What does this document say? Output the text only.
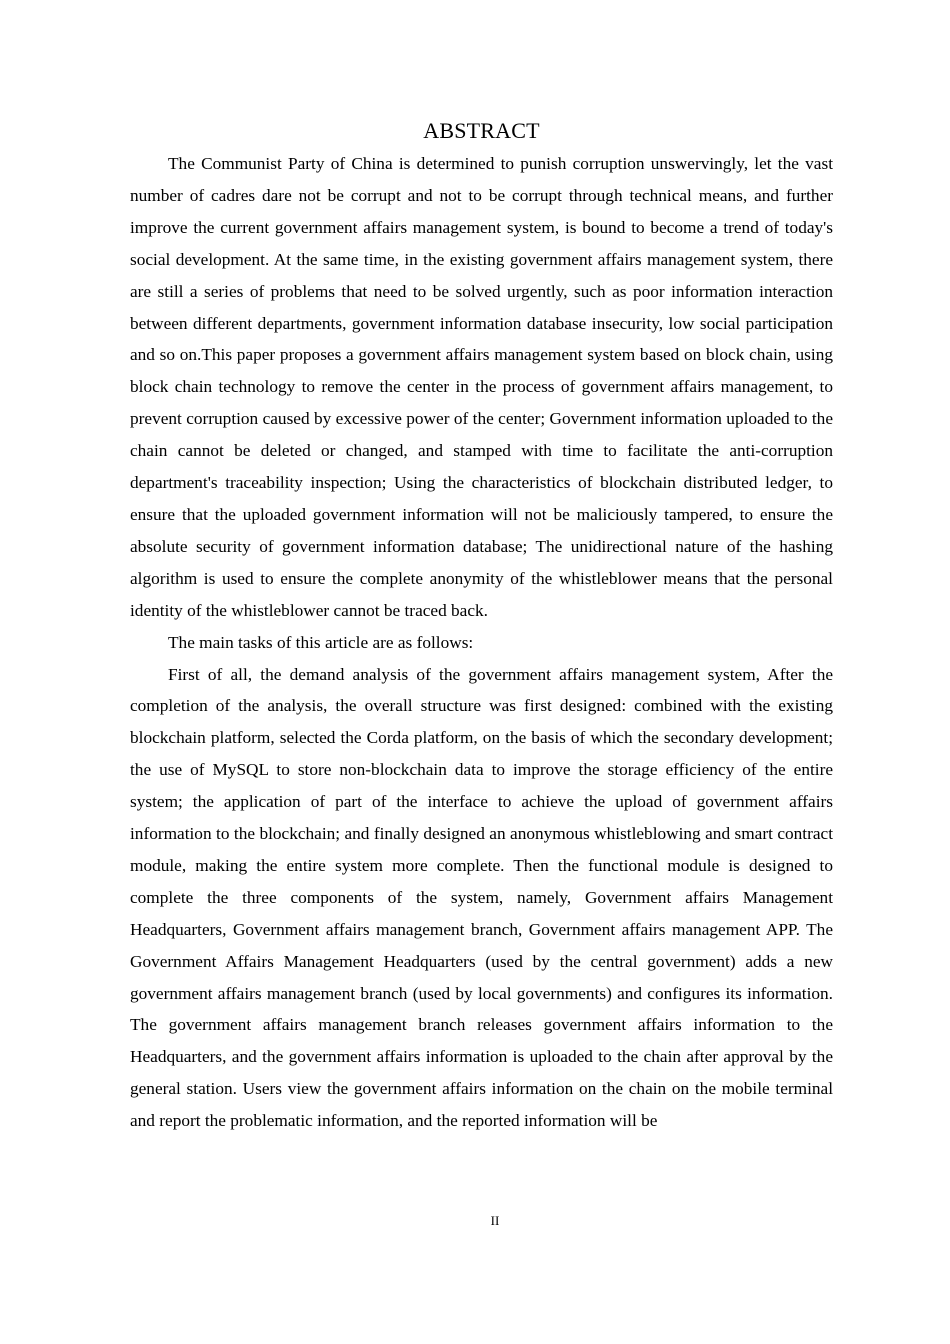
ABSTRACT

The Communist Party of China is determined to punish corruption unswervingly, let the vast number of cadres dare not be corrupt and not to be corrupt through technical means, and further improve the current government affairs management system, is bound to become a trend of today's social development. At the same time, in the existing government affairs management system, there are still a series of problems that need to be solved urgently, such as poor information interaction between different departments, government information database insecurity, low social participation and so on.This paper proposes a government affairs management system based on block chain, using block chain technology to remove the center in the process of government affairs management, to prevent corruption caused by excessive power of the center; Government information uploaded to the chain cannot be deleted or changed, and stamped with time to facilitate the anti-corruption department's traceability inspection; Using the characteristics of blockchain distributed ledger, to ensure that the uploaded government information will not be maliciously tampered, to ensure the absolute security of government information database; The unidirectional nature of the hashing algorithm is used to ensure the complete anonymity of the whistleblower means that the personal identity of the whistleblower cannot be traced back.

The main tasks of this article are as follows:

First of all, the demand analysis of the government affairs management system, After the completion of the analysis, the overall structure was first designed: combined with the existing blockchain platform, selected the Corda platform, on the basis of which the secondary development; the use of MySQL to store non-blockchain data to improve the storage efficiency of the entire system; the application of part of the interface to achieve the upload of government affairs information to the blockchain; and finally designed an anonymous whistleblowing and smart contract module, making the entire system more complete. Then the functional module is designed to complete the three components of the system, namely, Government affairs Management Headquarters, Government affairs management branch, Government affairs management APP. The Government Affairs Management Headquarters (used by the central government) adds a new government affairs management branch (used by local governments) and configures its information. The government affairs management branch releases government affairs information to the Headquarters, and the government affairs information is uploaded to the chain after approval by the general station. Users view the government affairs information on the chain on the mobile terminal and report the problematic information, and the reported information will be

II
